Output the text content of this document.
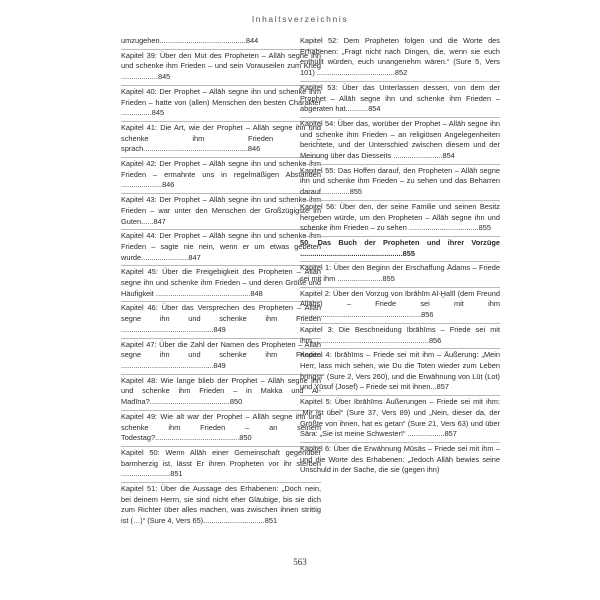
Inhaltsverzeichnis
umzugehen..........................................844
Kapitel 39: Über den Mut des Propheten – Allāh segne ihn und schenke ihm Frieden – und sein Vorauseilen zum Krieg ..................845
Kapitel 40: Der Prophet – Allāh segne ihn und schenke ihm Frieden – hatte von (allen) Menschen den besten Charakter ...............845
Kapitel 41: Die Art, wie der Prophet – Allāh segne ihn und schenke ihm Frieden – sprach...................................................846
Kapitel 42: Der Prophet – Allāh segne ihn und schenke ihm Frieden – ermahnte uns in regelmäßigen Abständen ....................846
Kapitel 43: Der Prophet – Allāh segne ihn und schenke ihm Frieden – war unter den Menschen der Großzügigste im Guten......847
Kapitel 44: Der Prophet – Allāh segne ihn und schenke ihm Frieden – sagte nie nein, wenn er um etwas gebeten wurde.......................847
Kapitel 45: Über die Freigebigkeit des Propheten – Allāh segne ihn und schenke ihm Frieden – und deren Größe und Häufigkeit ..............................................848
Kapitel 46: Über das Versprechen des Propheten – Allāh segne ihn und schenke ihm Frieden .............................................849
Kapitel 47: Über die Zahl der Namen des Propheten – Allāh segne ihn und schenke ihm Frieden .............................................849
Kapitel 48: Wie lange blieb der Prophet – Allāh segne ihn und schenke ihm Frieden – in Makka und Al-Madīna?.......................................850
Kapitel 49: Wie alt war der Prophet – Allāh segne ihn und schenke ihm Frieden – an seinem Todestag?.........................................850
Kapitel 50: Wenn Allāh einer Gemeinschaft gegenüber barmherzig ist, lässt Er ihren Propheten vor ihr sterben ........................851
Kapitel 51: Über die Aussage des Erhabenen: „Doch nein, bei deinem Herrn, sie sind nicht eher Gläubige, bis sie dich zum Richter über alles machen, was zwischen ihnen strittig ist (…)“ (Sure 4, Vers 65)..............................851
Kapitel 52: Dem Propheten folgen und die Worte des Erhabenen: „Fragt nicht nach Dingen, die, wenn sie euch enthüllt würden, euch unangenehm wären.“ (Sure 5, Vers 101) ......................................852
Kapitel 53: Über das Unterlassen dessen, von dem der Prophet – Allāh segne ihn und schenke ihm Frieden – abgeraten hat...........854
Kapitel 54: Über das, worüber der Prophet – Allāh segne ihn und schenke ihm Frieden – an religiösen Angelegenheiten berichtete, und der Unterschied zwischen diesem und der Meinung über das Diesseits ........................854
Kapitel 55: Das Hoffen darauf, den Propheten – Allāh segne ihn und schenke ihm Frieden – zu sehen und das Beharren darauf..............855
Kapitel 56: Über den, der seine Familie und seinen Besitz hergeben würde, um den Propheten – Allāh segne ihn und schenke ihm Frieden – zu sehen ..................................855
50. Das Buch der Propheten und ihrer Vorzüge ..................................................855
Kapitel 1: Über den Beginn der Erschaffung Ādams – Friede sei mit ihm ......................855
Kapitel 2: Über den Vorzug von Ibrāhīm Al-Ḫalīl (dem Freund Allāhs) – Friede sei mit ihm ...........................................................856
Kapitel 3: Die Beschneidung Ibrāhīms – Friede sei mit ihm.........................................................856
Kapitel 4: Ibrāhīms – Friede sei mit ihm – Äußerung: „Mein Herr, lass mich sehen, wie Du die Toten wieder zum Leben bringst“ (Sure 2, Vers 260), und die Erwähnung von Lūṭ (Lot) und Yūsuf (Josef) – Friede sei mit ihnen...857
Kapitel 5: Über Ibrāhīms Äußerungen – Friede sei mit ihm: „Mir ist übel“ (Sure 37, Vers 89) und „Nein, dieser da, der Größte von ihnen, hat es getan“ (Sure 21, Vers 63) und über Sāra: „Sie ist meine Schwester!“ ..................857
Kapitel 6: Über die Erwähnung Mūsās – Friede sei mit ihm – und die Worte des Erhabenen: „Jedoch Allāh bewies seine Unschuld in der Sache, die sie (gegen ihn)
563
